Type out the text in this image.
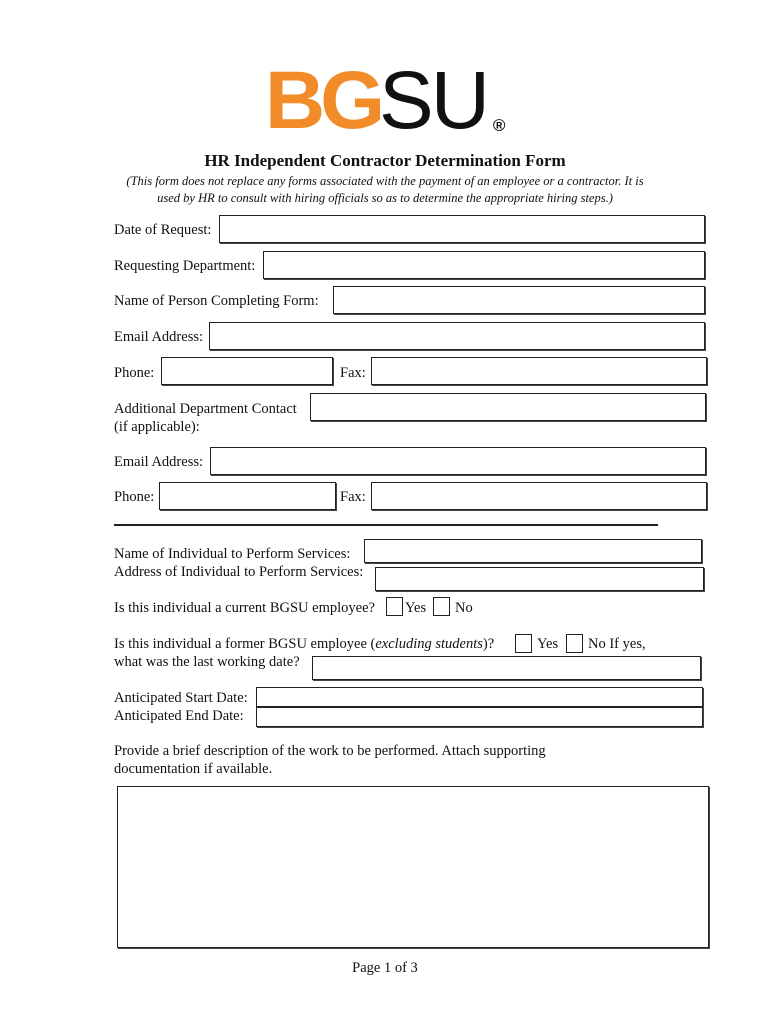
BGSU ®
HR Independent Contractor Determination Form
(This form does not replace any forms associated with the payment of an employee or a contractor. It is
used by HR to consult with hiring officials so as to determine the appropriate hiring steps.)
Date of Request:
Requesting Department:
Name of Person Completing Form:
Email Address:
Phone:	Fax:
Additional Department Contact
(if applicable):
Email Address:
Phone:	Fax:
Name of Individual to Perform Services:
Address of Individual to Perform Services:
Is this individual a current BGSU employee? Yes No
Is this individual a former BGSU employee (excluding students)?	Yes No If yes,
what was the last working date?
Anticipated Start Date:
Anticipated End Date:
Provide a brief description of the work to be performed. Attach supporting
documentation if available.
Page 1 of 3
